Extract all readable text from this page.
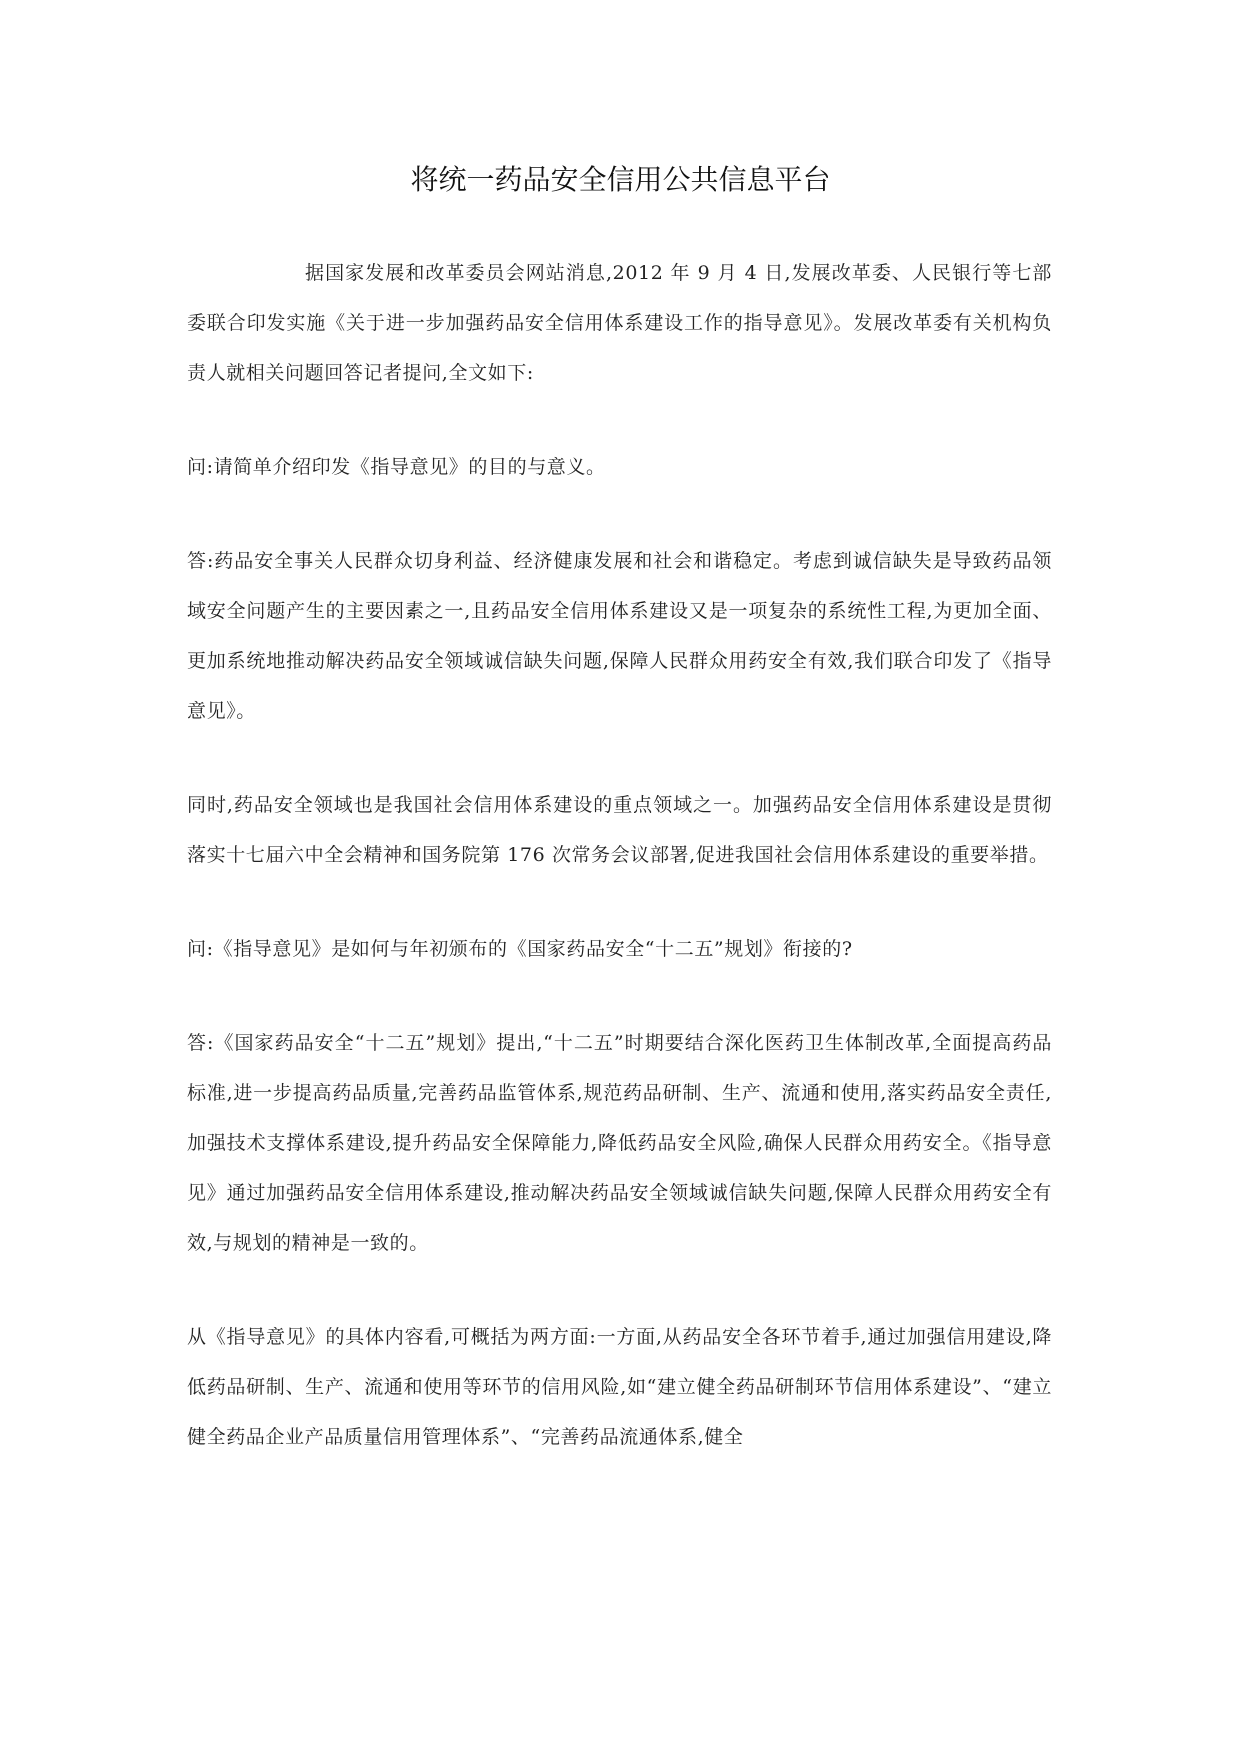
将统一药品安全信用公共信息平台

据国家发展和改革委员会网站消息,2012 年 9 月 4 日,发展改革委、人民银行等七部委联合印发实施《关于进一步加强药品安全信用体系建设工作的指导意见》。发展改革委有关机构负责人就相关问题回答记者提问,全文如下:

问:请简单介绍印发《指导意见》的目的与意义。

答:药品安全事关人民群众切身利益、经济健康发展和社会和谐稳定。考虑到诚信缺失是导致药品领域安全问题产生的主要因素之一,且药品安全信用体系建设又是一项复杂的系统性工程,为更加全面、更加系统地推动解决药品安全领域诚信缺失问题,保障人民群众用药安全有效,我们联合印发了《指导意见》。

同时,药品安全领域也是我国社会信用体系建设的重点领域之一。加强药品安全信用体系建设是贯彻落实十七届六中全会精神和国务院第 176 次常务会议部署,促进我国社会信用体系建设的重要举措。

问:《指导意见》是如何与年初颁布的《国家药品安全“十二五”规划》衔接的?

答:《国家药品安全“十二五”规划》提出,“十二五”时期要结合深化医药卫生体制改革,全面提高药品标准,进一步提高药品质量,完善药品监管体系,规范药品研制、生产、流通和使用,落实药品安全责任,加强技术支撑体系建设,提升药品安全保障能力,降低药品安全风险,确保人民群众用药安全。《指导意见》通过加强药品安全信用体系建设,推动解决药品安全领域诚信缺失问题,保障人民群众用药安全有效,与规划的精神是一致的。

从《指导意见》的具体内容看,可概括为两方面:一方面,从药品安全各环节着手,通过加强信用建设,降低药品研制、生产、流通和使用等环节的信用风险,如“建立健全药品研制环节信用体系建设”、“建立健全药品企业产品质量信用管理体系”、“完善药品流通体系,健全
